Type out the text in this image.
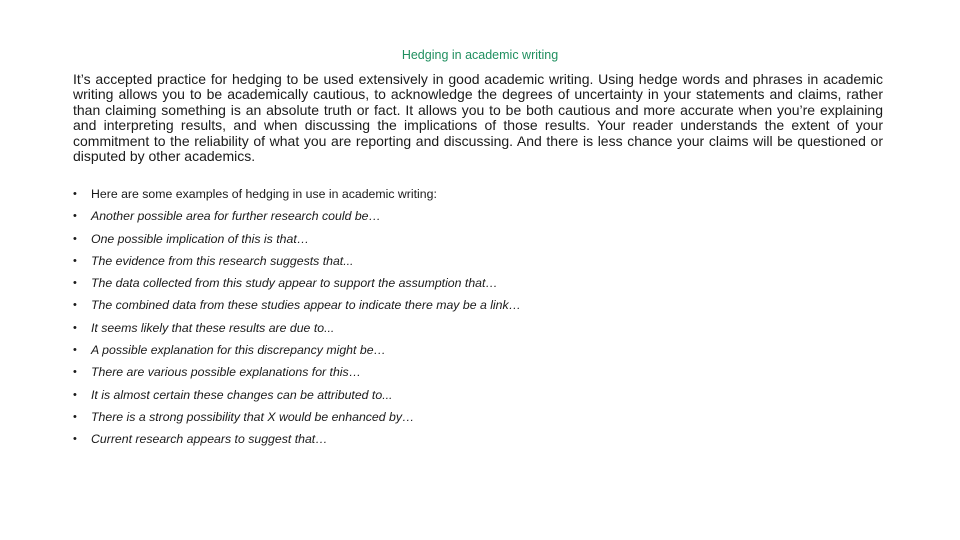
Hedging in academic writing

It’s accepted practice for hedging to be used extensively in good academic writing. Using hedge words and phrases in academic writing allows you to be academically cautious, to acknowledge the degrees of uncertainty in your statements and claims, rather than claiming something is an absolute truth or fact. It allows you to be both cautious and more accurate when you’re explaining and interpreting results, and when discussing the implications of those results. Your reader understands the extent of your commitment to the reliability of what you are reporting and discussing. And there is less chance your claims will be questioned or disputed by other academics.

•	Here are some examples of hedging in use in academic writing:
•	Another possible area for further research could be…
•	One possible implication of this is that…
•	The evidence from this research suggests that...
•	The data collected from this study appear to support the assumption that…
•	The combined data from these studies appear to indicate there may be a link…
•	It seems likely that these results are due to...
•	A possible explanation for this discrepancy might be…
•	There are various possible explanations for this…
•	It is almost certain these changes can be attributed to...
•	There is a strong possibility that X would be enhanced by…
•	Current research appears to suggest that…
